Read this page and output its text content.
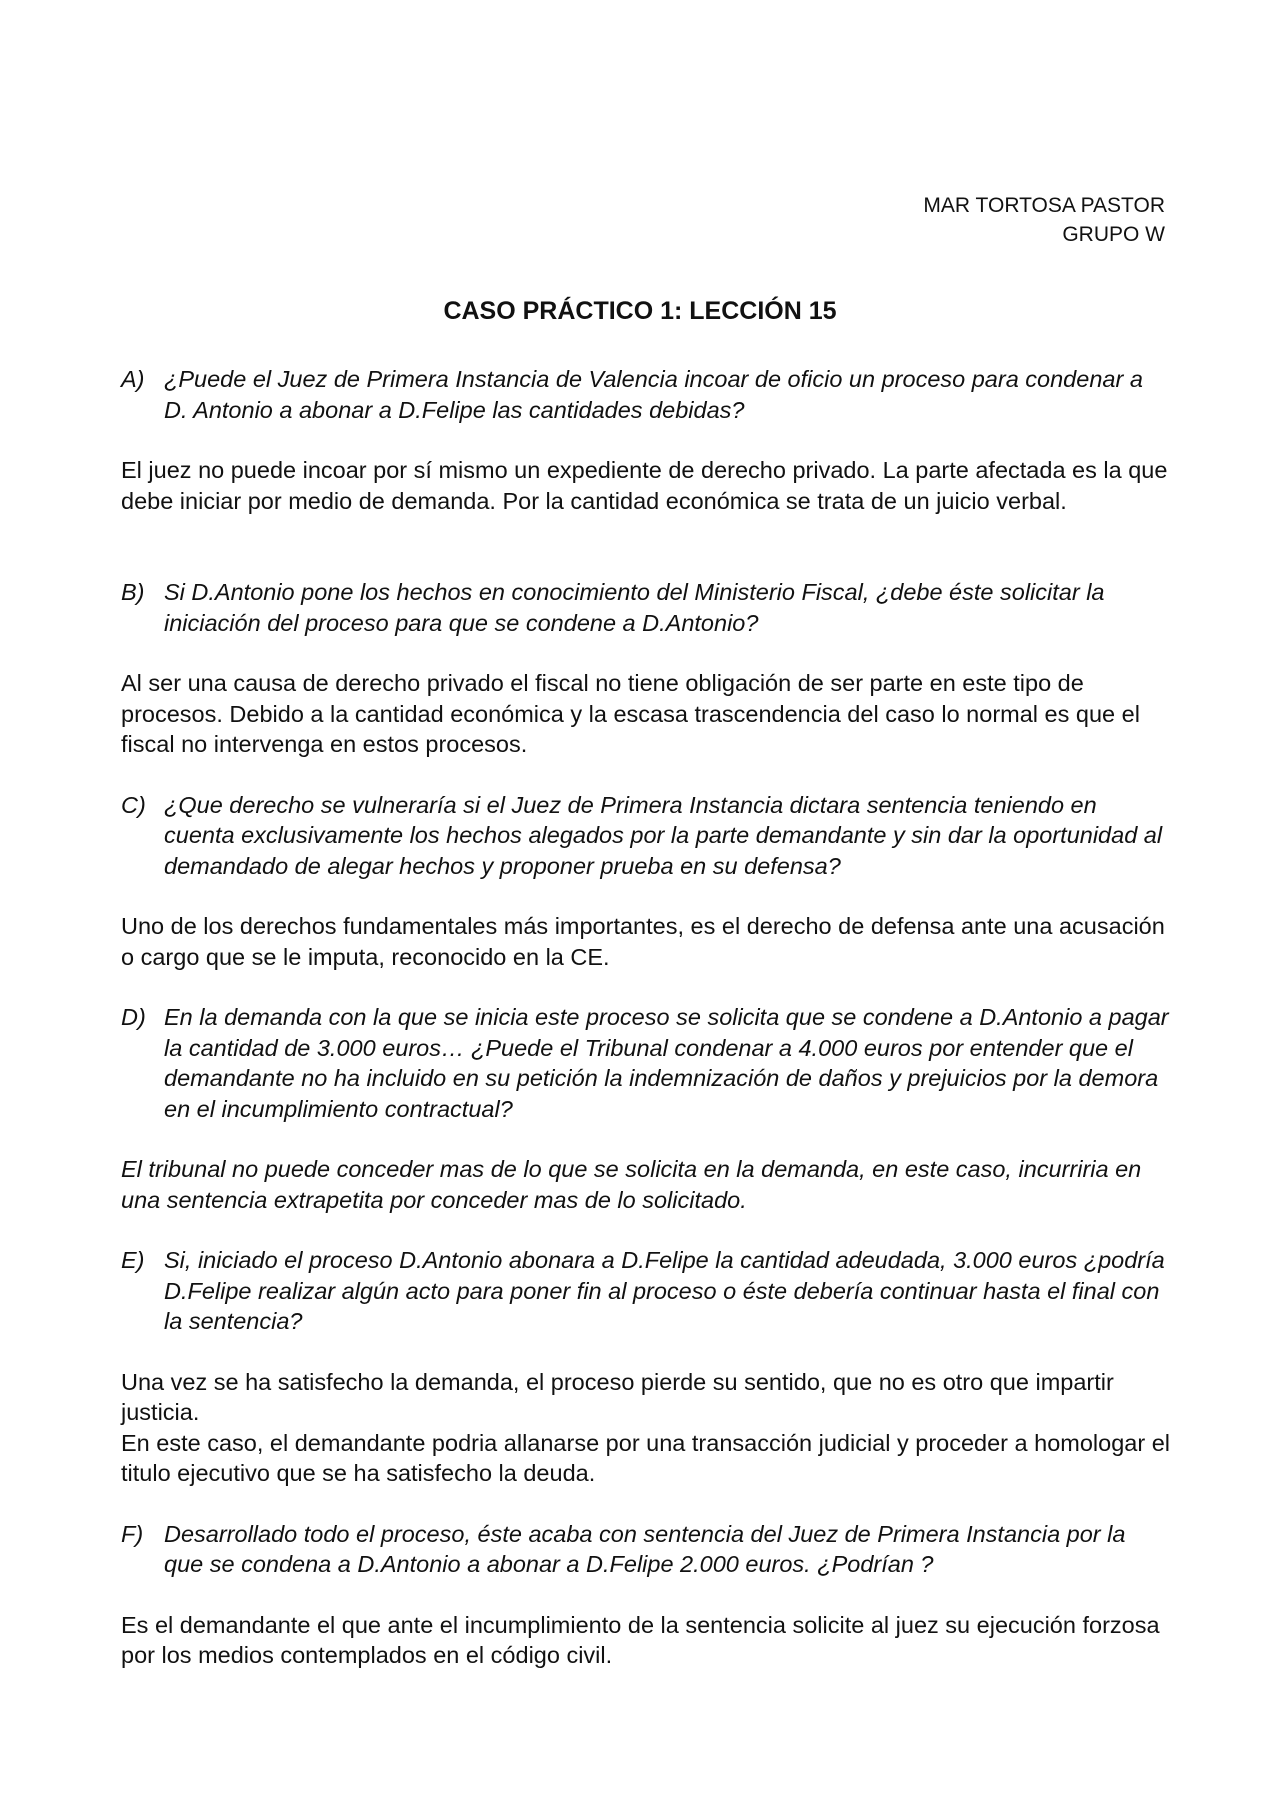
MAR TORTOSA PASTOR
GRUPO W
CASO PRÁCTICO 1: LECCIÓN 15
A) ¿Puede el Juez de Primera Instancia de Valencia incoar de oficio un proceso para condenar a D. Antonio a abonar a D.Felipe las cantidades debidas?

El juez no puede incoar por sí mismo un expediente de derecho privado. La parte afectada es la que debe iniciar por medio de demanda. Por la cantidad económica se trata de un juicio verbal.

B) Si D.Antonio pone los hechos en conocimiento del Ministerio Fiscal, ¿debe éste solicitar la iniciación del proceso para que se condene a D.Antonio?

Al ser una causa de derecho privado el fiscal no tiene obligación de ser parte en este tipo de procesos. Debido a la cantidad económica y la escasa trascendencia del caso lo normal es que el fiscal no intervenga en estos procesos.

C) ¿Que derecho se vulneraría si el Juez de Primera Instancia dictara sentencia teniendo en cuenta exclusivamente los hechos alegados por la parte demandante y sin dar la oportunidad al demandado de alegar hechos y proponer prueba en su defensa?

Uno de los derechos fundamentales más importantes, es el derecho de defensa ante una acusación o cargo que se le imputa, reconocido en la CE.

D) En la demanda con la que se inicia este proceso se solicita que se condene a D.Antonio a pagar la cantidad de 3.000 euros… ¿Puede el Tribunal condenar a 4.000 euros por entender que el demandante no ha incluido en su petición la indemnización de daños y prejuicios por la demora en el incumplimiento contractual?

El tribunal no puede conceder mas de lo que se solicita en la demanda, en este caso, incurriria en una sentencia extrapetita por conceder mas de lo solicitado.

E) Si, iniciado el proceso D.Antonio abonara a D.Felipe la cantidad adeudada, 3.000 euros ¿podría D.Felipe realizar algún acto para poner fin al proceso o éste debería continuar hasta el final con la sentencia?

Una vez se ha satisfecho la demanda, el proceso pierde su sentido, que no es otro que impartir justicia.

En este caso, el demandante podria allanarse por una transacción judicial y proceder a homologar el titulo ejecutivo que se ha satisfecho la deuda.

F) Desarrollado todo el proceso, éste acaba con sentencia del Juez de Primera Instancia por la que se condena a D.Antonio a abonar a D.Felipe 2.000 euros. ¿Podrían ?

Es el demandante el que ante el incumplimiento de la sentencia solicite al juez su ejecución forzosa por los medios contemplados en el código civil.
